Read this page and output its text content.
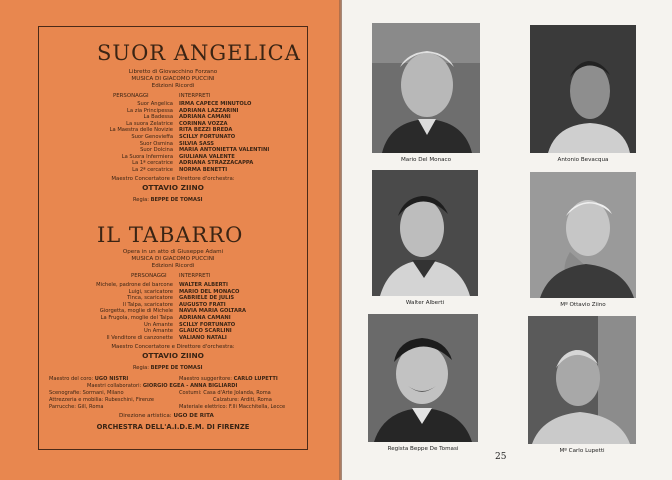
SUOR ANGELICA
Libretto di Giovacchino Forzano
MUSICA DI GIACOMO PUCCINI
Edizioni Ricordi
PERSONAGGI	INTERPRETI
Suor Angelica IRMA CAPECE MINUTOLO
La zia Principessa ADRIANA LAZZARINI
La Badessa ADRIANA CAMANI
La suora Zelatrice CORINNA VOZZA
La Maestra delle Novizie RITA BEZZI BREDA
Suor Genovieffa SCILLY FORTUNATO
Suor Osmina SILVIA SASS
Suor Dolcina MARIA ANTONIETTA VALENTINI
La Suora Infermiera GIULIANA VALENTE
La 1ª cercatrice ADRIANA STRAZZACAPPA
La 2ª cercatrice NORMA BENETTI
Maestro Concertatore e Direttore d'orchestra:
OTTAVIO ZIINO
Regia: BEPPE DE TOMASI
IL TABARRO
Opera in un atto di Giuseppe Adami
MUSICA DI GIACOMO PUCCINI
Edizioni Ricordi
PERSONAGGI INTERPRETI
Michele, padrone del barcone WALTER ALBERTI
Luigi, scaricatore MARIO DEL MONACO
Tinca, scaricatore GABRIELE DE JULIS
Il Talpa, scaricatore AUGUSTO FRATI
Giorgetta, moglie di Michele NAVIA MARIA GOLTARA
La Frugola, moglie del Talpa ADRIANA CAMANI
Un Amante SCILLY FORTUNATO
Un Amante GLAUCO SCARLINI
Il Venditore di canzonette VALIANO NATALI
Maestro Concertatore e Direttore d'orchestra:
OTTAVIO ZIINO
Regia: BEPPE DE TOMASI
Maestro del coro: UGO NISTRI	Maestro suggeritore: CARLO LUPETTI
Maestri collaboratori: GIORGIO EGEA - ANNA BIGLIARDI
Scenografie: Sormani, Milano	Costumi: Casa d'Arte Jolanda, Roma
Attrezzeria e mobilia: Rubeschini, Firenze	Calzature: Arditi, Roma
Parrucche: Gill, Roma	Materiale elettrico: F.lli Macchitella, Lecce
Direzione artistica: UGO DE RITA
ORCHESTRA DELL'A.I.D.E.M. DI FIRENZE
Mario Del Monaco	Antonio Bevacqua
Walter Alberti	Mº Ottavio Ziino
Regista Beppe De Tomasi	Mº Carlo Lupetti
25
